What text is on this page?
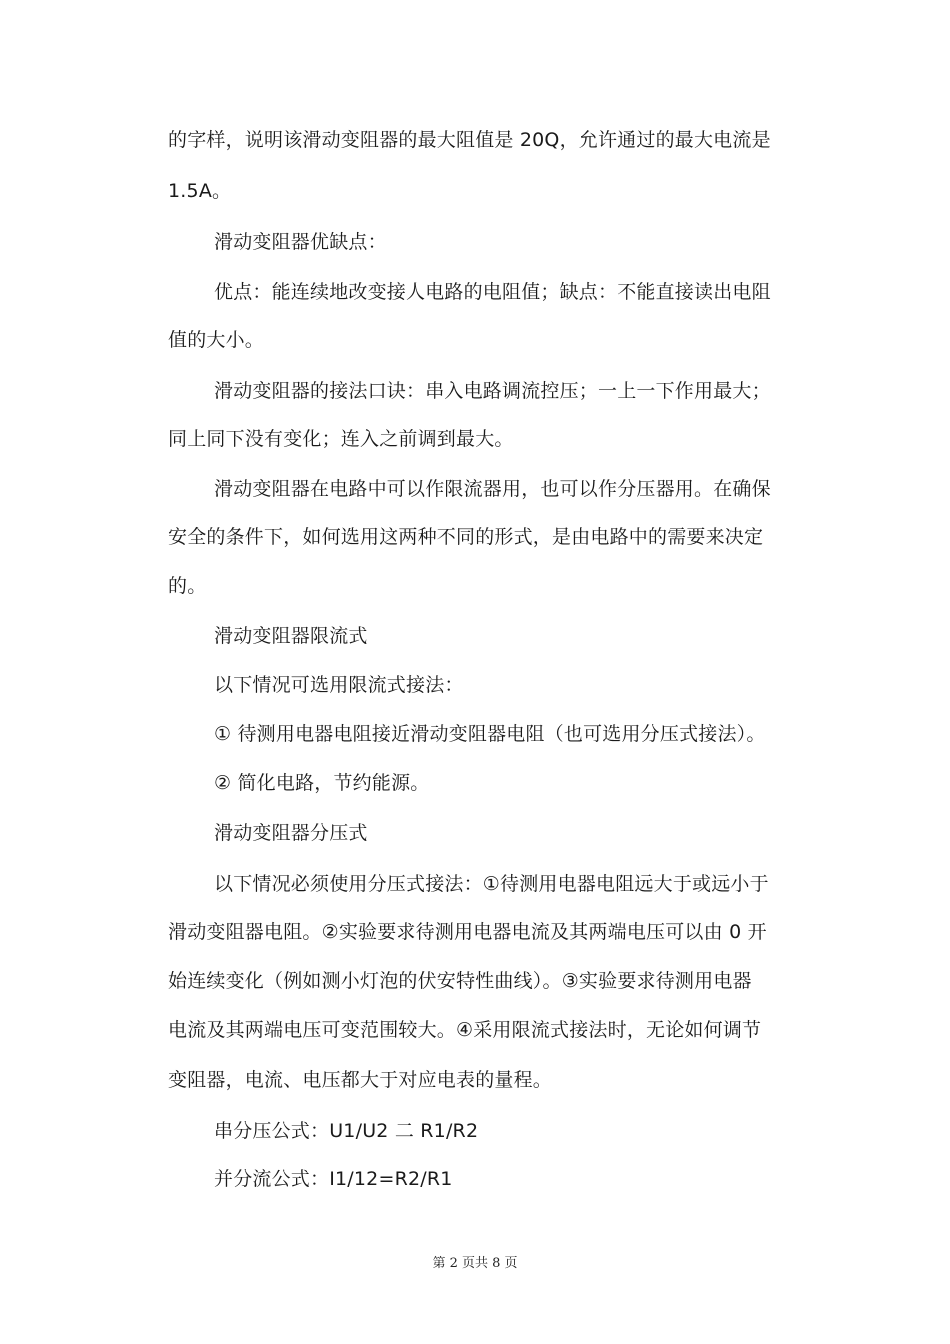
的字样，说明该滑动变阻器的最大阻值是 20Q，允许通过的最大电流是
1.5A。
滑动变阻器优缺点：
优点：能连续地改变接人电路的电阻值；缺点：不能直接读出电阻
值的大小。
滑动变阻器的接法口诀：串入电路调流控压；一上一下作用最大；
同上同下没有变化；连入之前调到最大。
滑动变阻器在电路中可以作限流器用，也可以作分压器用。在确保
安全的条件下，如何选用这两种不同的形式，是由电路中的需要来决定
的。
滑动变阻器限流式
以下情况可选用限流式接法：
① 待测用电器电阻接近滑动变阻器电阻（也可选用分压式接法）。
② 简化电路，节约能源。
滑动变阻器分压式
以下情况必须使用分压式接法：①待测用电器电阻远大于或远小于
滑动变阻器电阻。②实验要求待测用电器电流及其两端电压可以由 0 开
始连续变化（例如测小灯泡的伏安特性曲线）。③实验要求待测用电器
电流及其两端电压可变范围较大。④采用限流式接法时，无论如何调节
变阻器，电流、电压都大于对应电表的量程。
串分压公式：U1/U2 二 R1/R2
并分流公式：I1/12=R2/R1
第 2 页共 8 页
